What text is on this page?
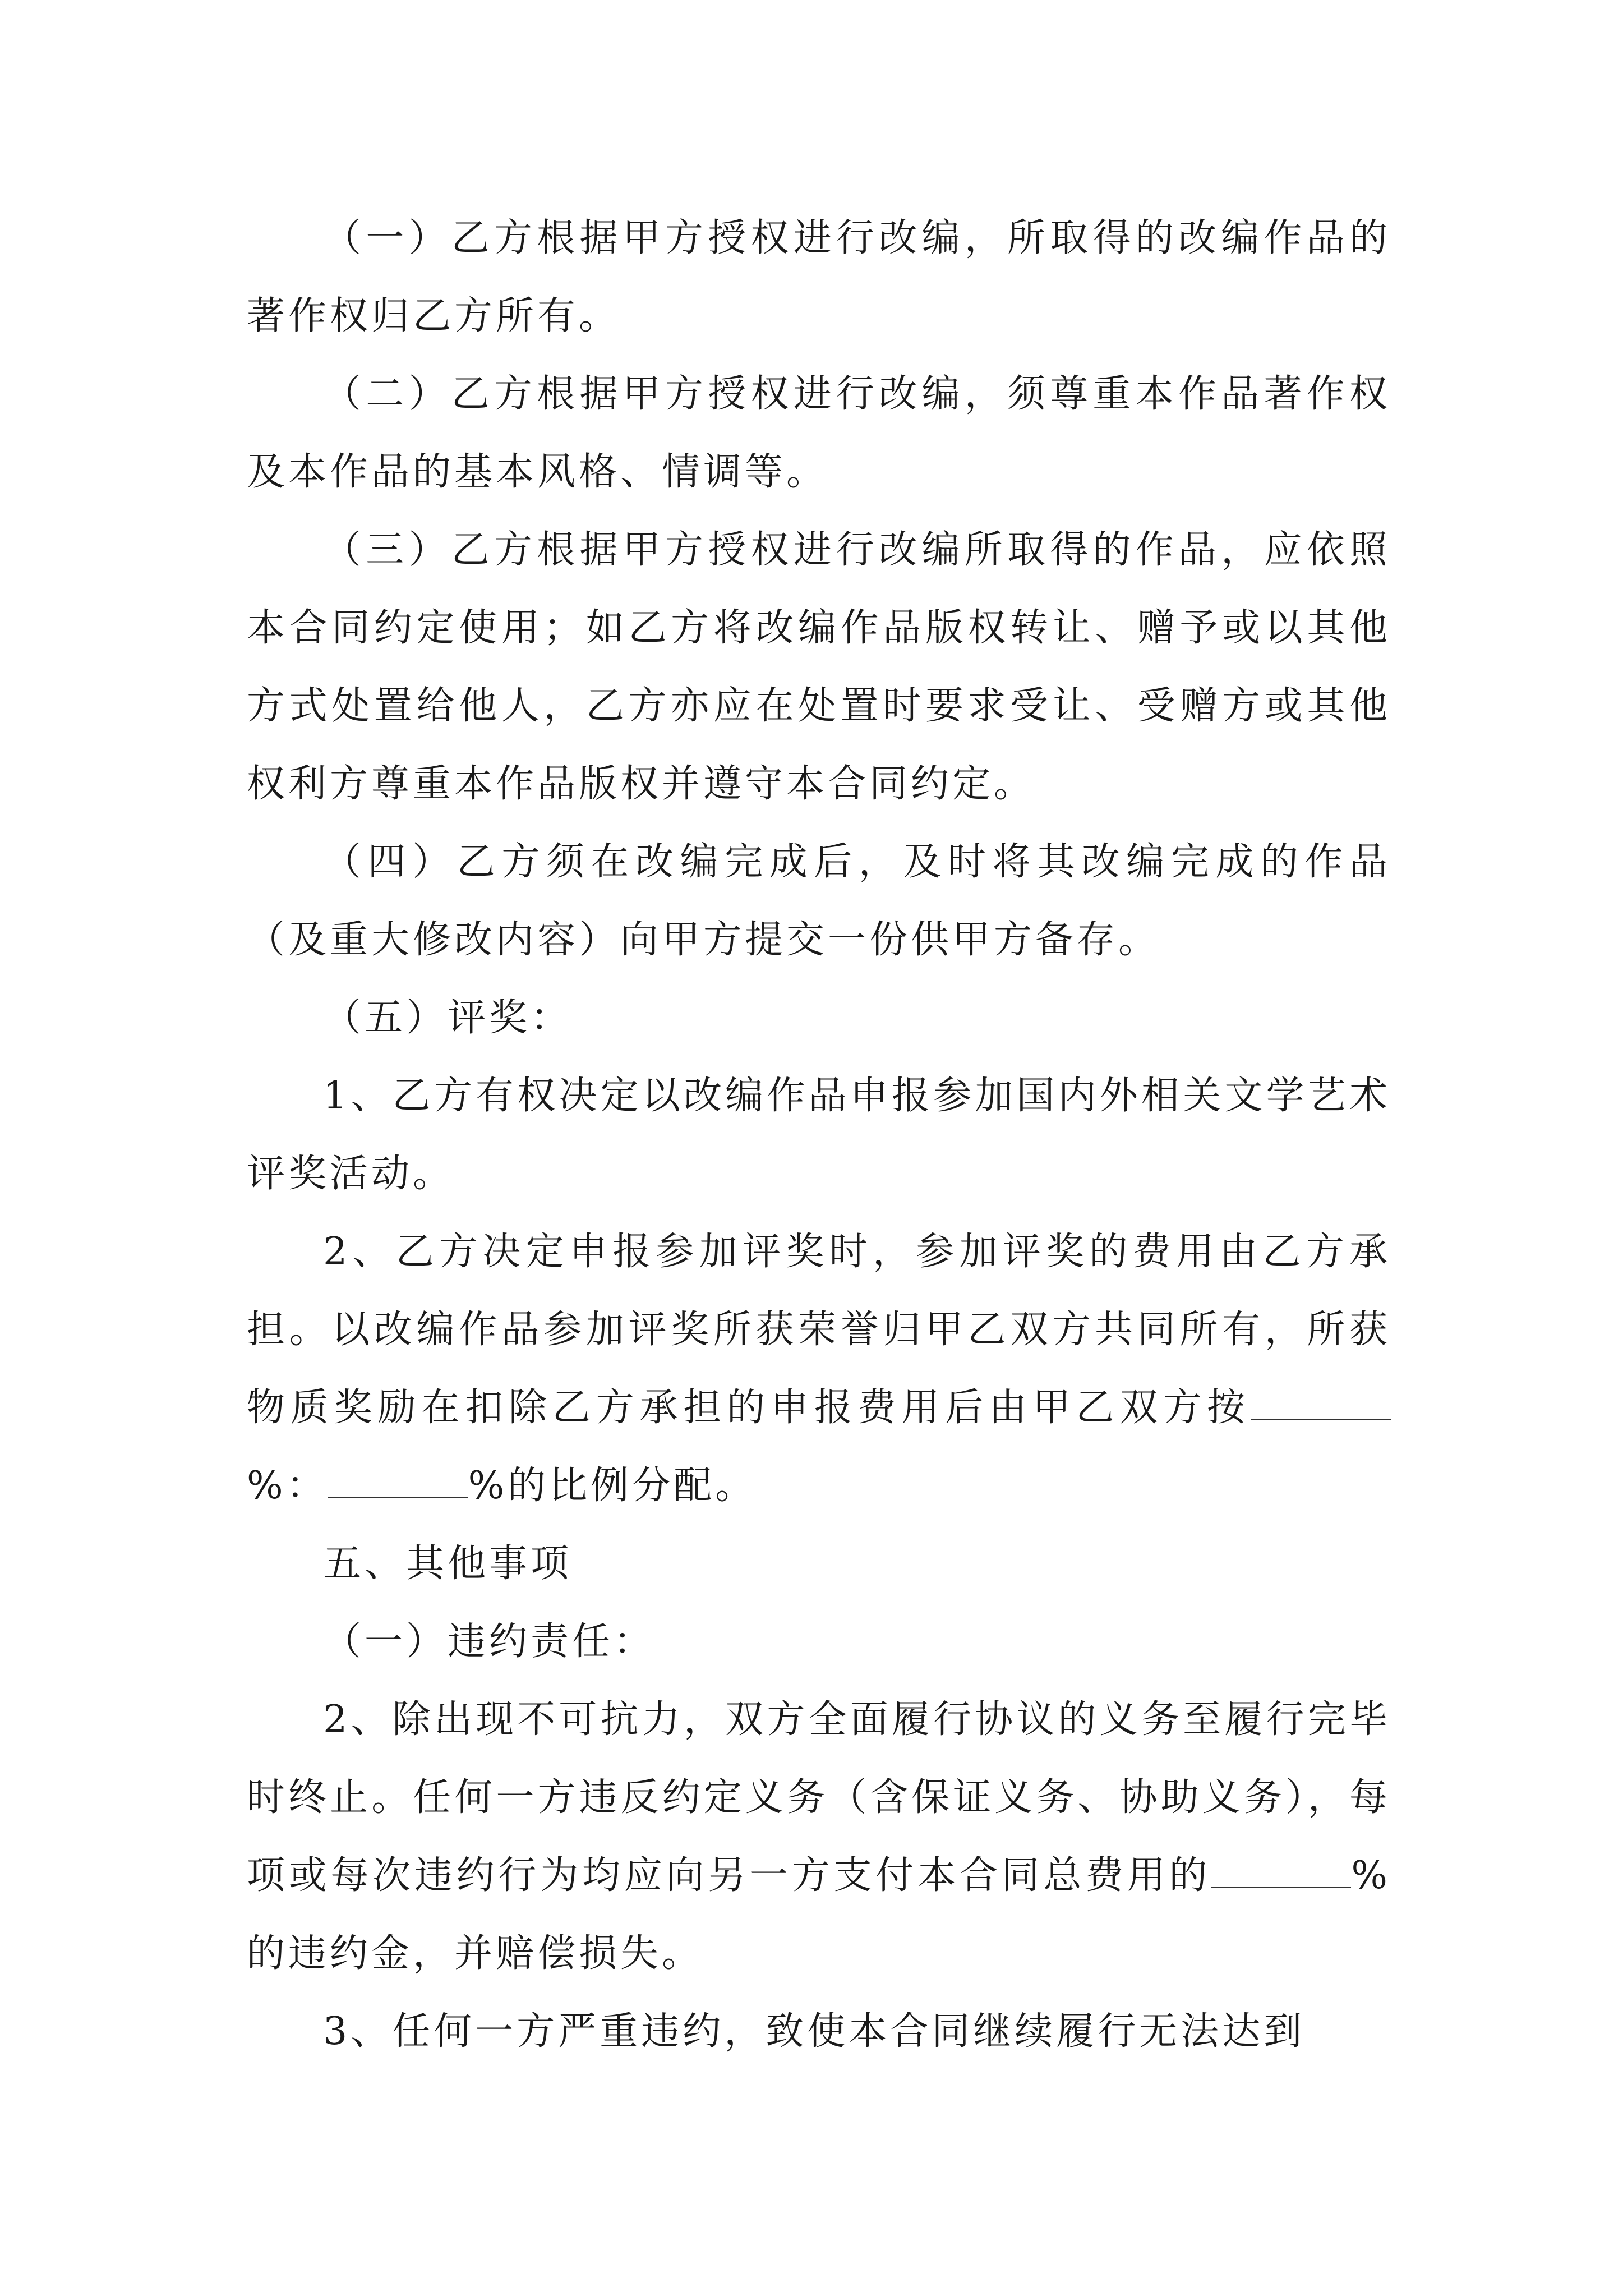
（一）乙方根据甲方授权进行改编，所取得的改编作品的著作权归乙方所有。

（二）乙方根据甲方授权进行改编，须尊重本作品著作权及本作品的基本风格、情调等。

（三）乙方根据甲方授权进行改编所取得的作品，应依照本合同约定使用；如乙方将改编作品版权转让、赠予或以其他方式处置给他人，乙方亦应在处置时要求受让、受赠方或其他权利方尊重本作品版权并遵守本合同约定。

（四）乙方须在改编完成后，及时将其改编完成的作品（及重大修改内容）向甲方提交一份供甲方备存。

（五）评奖：

1、乙方有权决定以改编作品申报参加国内外相关文学艺术评奖活动。

2、乙方决定申报参加评奖时，参加评奖的费用由乙方承担。以改编作品参加评奖所获荣誉归甲乙双方共同所有，所获物质奖励在扣除乙方承担的申报费用后由甲乙双方按%：	%的比例分配。

五、其他事项

（一）违约责任：

2、除出现不可抗力，双方全面履行协议的义务至履行完毕时终止。任何一方违反约定义务（含保证义务、协助义务），每项或每次违约行为均应向另一方支付本合同总费用的	%的违约金，并赔偿损失。

3、任何一方严重违约，致使本合同继续履行无法达到
